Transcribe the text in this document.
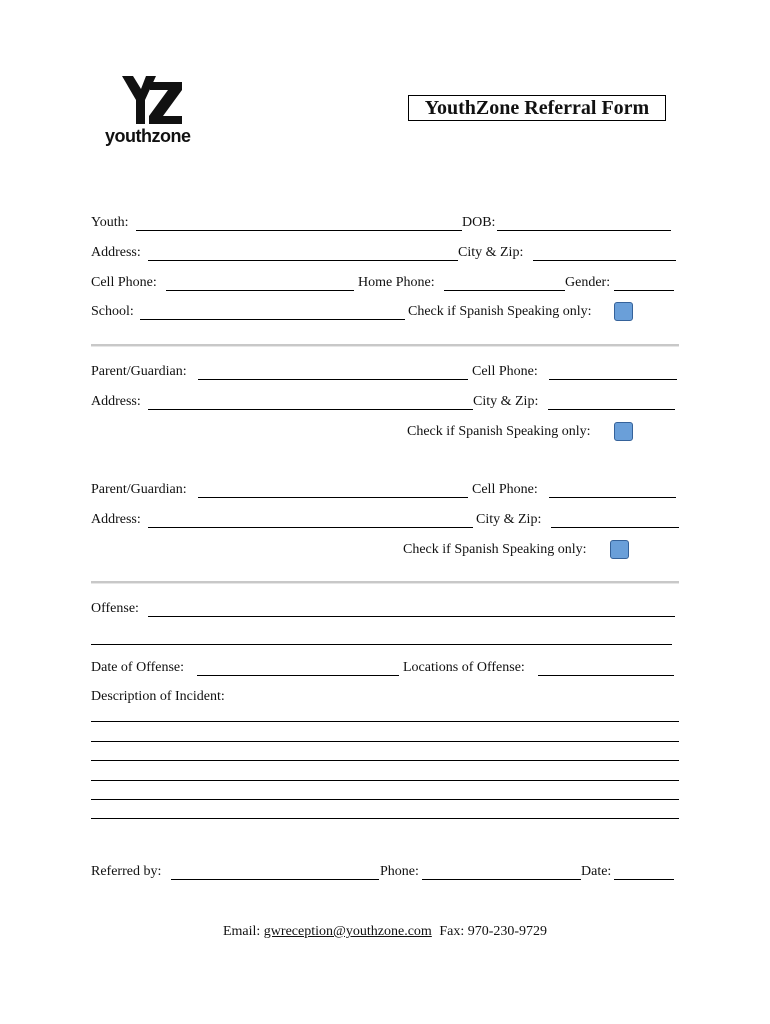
youthzone
YouthZone Referral Form
Youth:	DOB:
Address:	City & Zip:
Cell Phone:	Home Phone:	Gender:
School:	Check if Spanish Speaking only:
Parent/Guardian:	Cell Phone:
Address:	City & Zip:
Check if Spanish Speaking only:
Parent/Guardian:	Cell Phone:
Address:	City & Zip:
Check if Spanish Speaking only:
Offense:
Date of Offense:	Locations of Offense:
Description of Incident:
Referred by:	Phone:	Date:
Email: gwreception@youthzone.com Fax: 970-230-9729
